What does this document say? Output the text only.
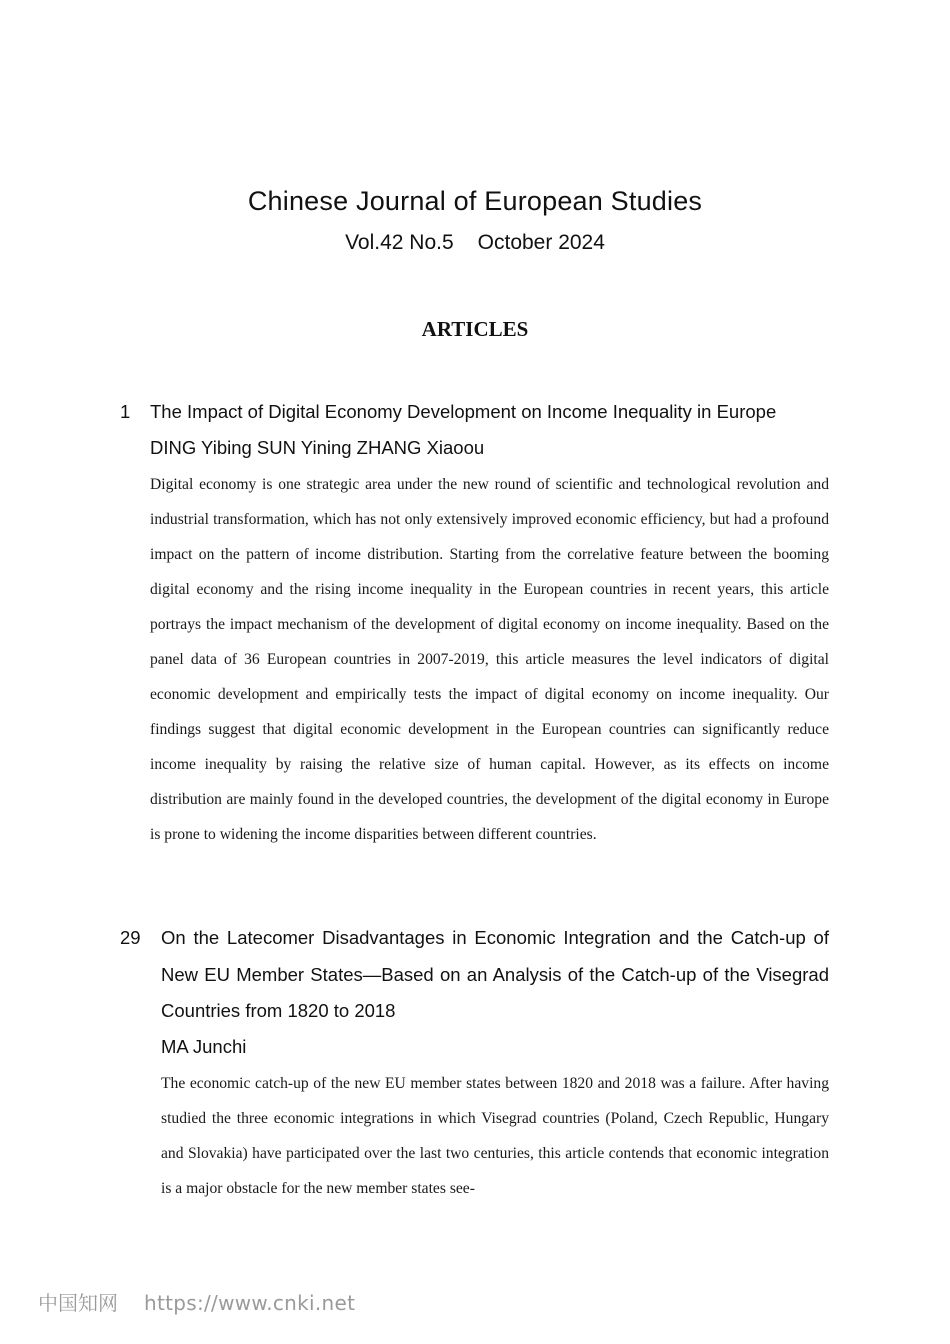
Chinese Journal of European Studies
Vol.42 No.5 October 2024
ARTICLES
1 The Impact of Digital Economy Development on Income Inequality in Europe

DING Yibing SUN Yining ZHANG Xiaoou

Digital economy is one strategic area under the new round of scientific and technological revolution and industrial transformation, which has not only extensively improved economic efficiency, but had a profound impact on the pattern of income distribution. Starting from the correlative feature between the booming digital economy and the rising income inequality in the European countries in recent years, this article portrays the impact mechanism of the development of digital economy on income inequality. Based on the panel data of 36 European countries in 2007-2019, this article measures the level indicators of digital economic development and empirically tests the impact of digital economy on income inequality. Our findings suggest that digital economic development in the European countries can significantly reduce income inequality by raising the relative size of human capital. However, as its effects on income distribution are mainly found in the developed countries, the development of the digital economy in Europe is prone to widening the income disparities between different countries.

29 On the Latecomer Disadvantages in Economic Integration and the Catch-up of New EU Member States—Based on an Analysis of the Catch-up of the Visegrad Countries from 1820 to 2018

MA Junchi

The economic catch-up of the new EU member states between 1820 and 2018 was a failure. After having studied the three economic integrations in which Visegrad countries (Poland, Czech Republic, Hungary and Slovakia) have participated over the last two centuries, this article contends that economic integration is a major obstacle for the new member states see-

中国知网 https://www.cnki.net
